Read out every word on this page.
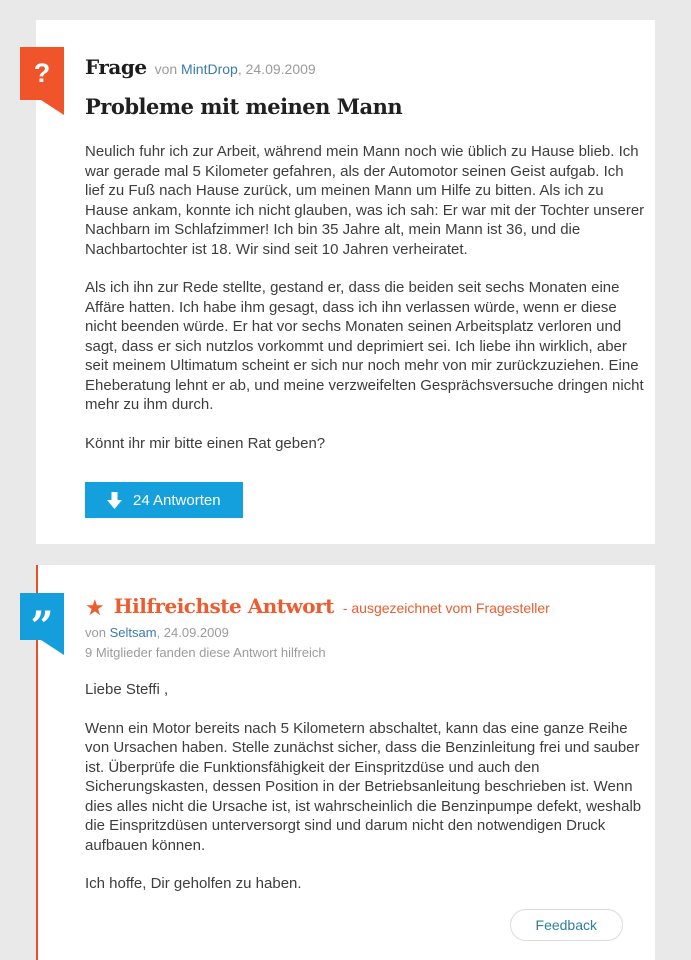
?
”
Frage von MintDrop, 24.09.2009
Probleme mit meinen Mann

Neulich fuhr ich zur Arbeit, während mein Mann noch wie üblich zu Hause blieb. Ich war gerade mal 5 Kilometer gefahren, als der Automotor seinen Geist aufgab. Ich lief zu Fuß nach Hause zurück, um meinen Mann um Hilfe zu bitten. Als ich zu Hause ankam, konnte ich nicht glauben, was ich sah: Er war mit der Tochter unserer Nachbarn im Schlafzimmer! Ich bin 35 Jahre alt, mein Mann ist 36, und die Nachbartochter ist 18. Wir sind seit 10 Jahren verheiratet.

Als ich ihn zur Rede stellte, gestand er, dass die beiden seit sechs Monaten eine Affäre hatten. Ich habe ihm gesagt, dass ich ihn verlassen würde, wenn er diese nicht beenden würde. Er hat vor sechs Monaten seinen Arbeitsplatz verloren und sagt, dass er sich nutzlos vorkommt und deprimiert sei. Ich liebe ihn wirklich, aber seit meinem Ultimatum scheint er sich nur noch mehr von mir zurückzuziehen. Eine Eheberatung lehnt er ab, und meine verzweifelten Gesprächsversuche dringen nicht mehr zu ihm durch.

Könnt ihr mir bitte einen Rat geben?

24 Antworten
★ Hilfreichste Antwort - ausgezeichnet vom Fragesteller
von Seltsam, 24.09.2009
9 Mitglieder fanden diese Antwort hilfreich

Liebe Steffi ,

Wenn ein Motor bereits nach 5 Kilometern abschaltet, kann das eine ganze Reihe von Ursachen haben. Stelle zunächst sicher, dass die Benzinleitung frei und sauber ist. Überprüfe die Funktionsfähigkeit der Einspritzdüse und auch den Sicherungskasten, dessen Position in der Betriebsanleitung beschrieben ist. Wenn dies alles nicht die Ursache ist, ist wahrscheinlich die Benzinpumpe defekt, weshalb die Einspritzdüsen unterversorgt sind und darum nicht den notwendigen Druck aufbauen können.

Ich hoffe, Dir geholfen zu haben.

Feedback
